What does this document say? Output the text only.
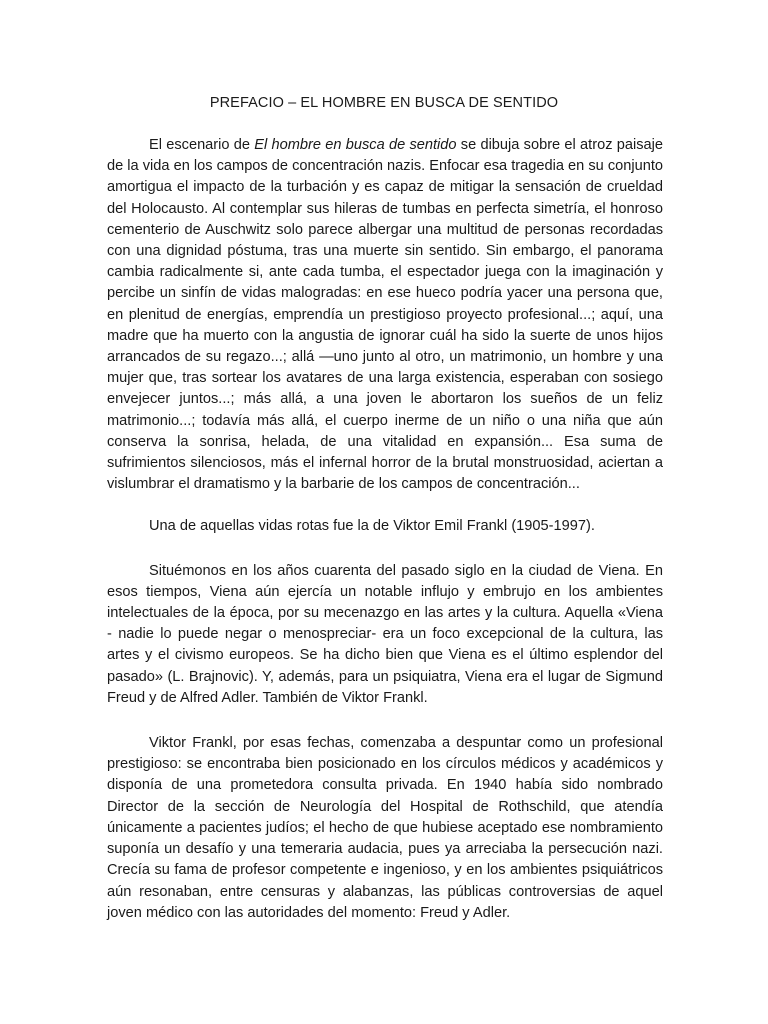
PREFACIO – EL HOMBRE EN BUSCA DE SENTIDO

El escenario de El hombre en busca de sentido se dibuja sobre el atroz paisaje de la vida en los campos de concentración nazis. Enfocar esa tragedia en su conjunto amortigua el impacto de la turbación y es capaz de mitigar la sensación de crueldad del Holocausto. Al contemplar sus hileras de tumbas en perfecta simetría, el honroso cementerio de Auschwitz solo parece albergar una multitud de personas recordadas con una dignidad póstuma, tras una muerte sin sentido. Sin embargo, el panorama cambia radicalmente si, ante cada tumba, el espectador juega con la imaginación y percibe un sinfín de vidas malogradas: en ese hueco podría yacer una persona que, en plenitud de energías, emprendía un prestigioso proyecto profesional...; aquí, una madre que ha muerto con la angustia de ignorar cuál ha sido la suerte de unos hijos arrancados de su regazo...; allá —uno junto al otro, un matrimonio, un hombre y una mujer que, tras sortear los avatares de una larga existencia, esperaban con sosiego envejecer juntos...; más allá, a una joven le abortaron los sueños de un feliz matrimonio...; todavía más allá, el cuerpo inerme de un niño o una niña que aún conserva la sonrisa, helada, de una vitalidad en expansión... Esa suma de sufrimientos silenciosos, más el infernal horror de la brutal monstruosidad, aciertan a vislumbrar el dramatismo y la barbarie de los campos de concentración...

Una de aquellas vidas rotas fue la de Viktor Emil Frankl (1905-1997).

Situémonos en los años cuarenta del pasado siglo en la ciudad de Viena. En esos tiempos, Viena aún ejercía un notable influjo y embrujo en los ambientes intelectuales de la época, por su mecenazgo en las artes y la cultura. Aquella «Viena - nadie lo puede negar o menospreciar- era un foco excepcional de la cultura, las artes y el civismo europeos. Se ha dicho bien que Viena es el último esplendor del pasado» (L. Brajnovic). Y, además, para un psiquiatra, Viena era el lugar de Sigmund Freud y de Alfred Adler. También de Viktor Frankl.

Viktor Frankl, por esas fechas, comenzaba a despuntar como un profesional prestigioso: se encontraba bien posicionado en los círculos médicos y académicos y disponía de una prometedora consulta privada. En 1940 había sido nombrado Director de la sección de Neurología del Hospital de Rothschild, que atendía únicamente a pacientes judíos; el hecho de que hubiese aceptado ese nombramiento suponía un desafío y una temeraria audacia, pues ya arreciaba la persecución nazi. Crecía su fama de profesor competente e ingenioso, y en los ambientes psiquiátricos aún resonaban, entre censuras y alabanzas, las públicas controversias de aquel joven médico con las autoridades del momento: Freud y Adler.
